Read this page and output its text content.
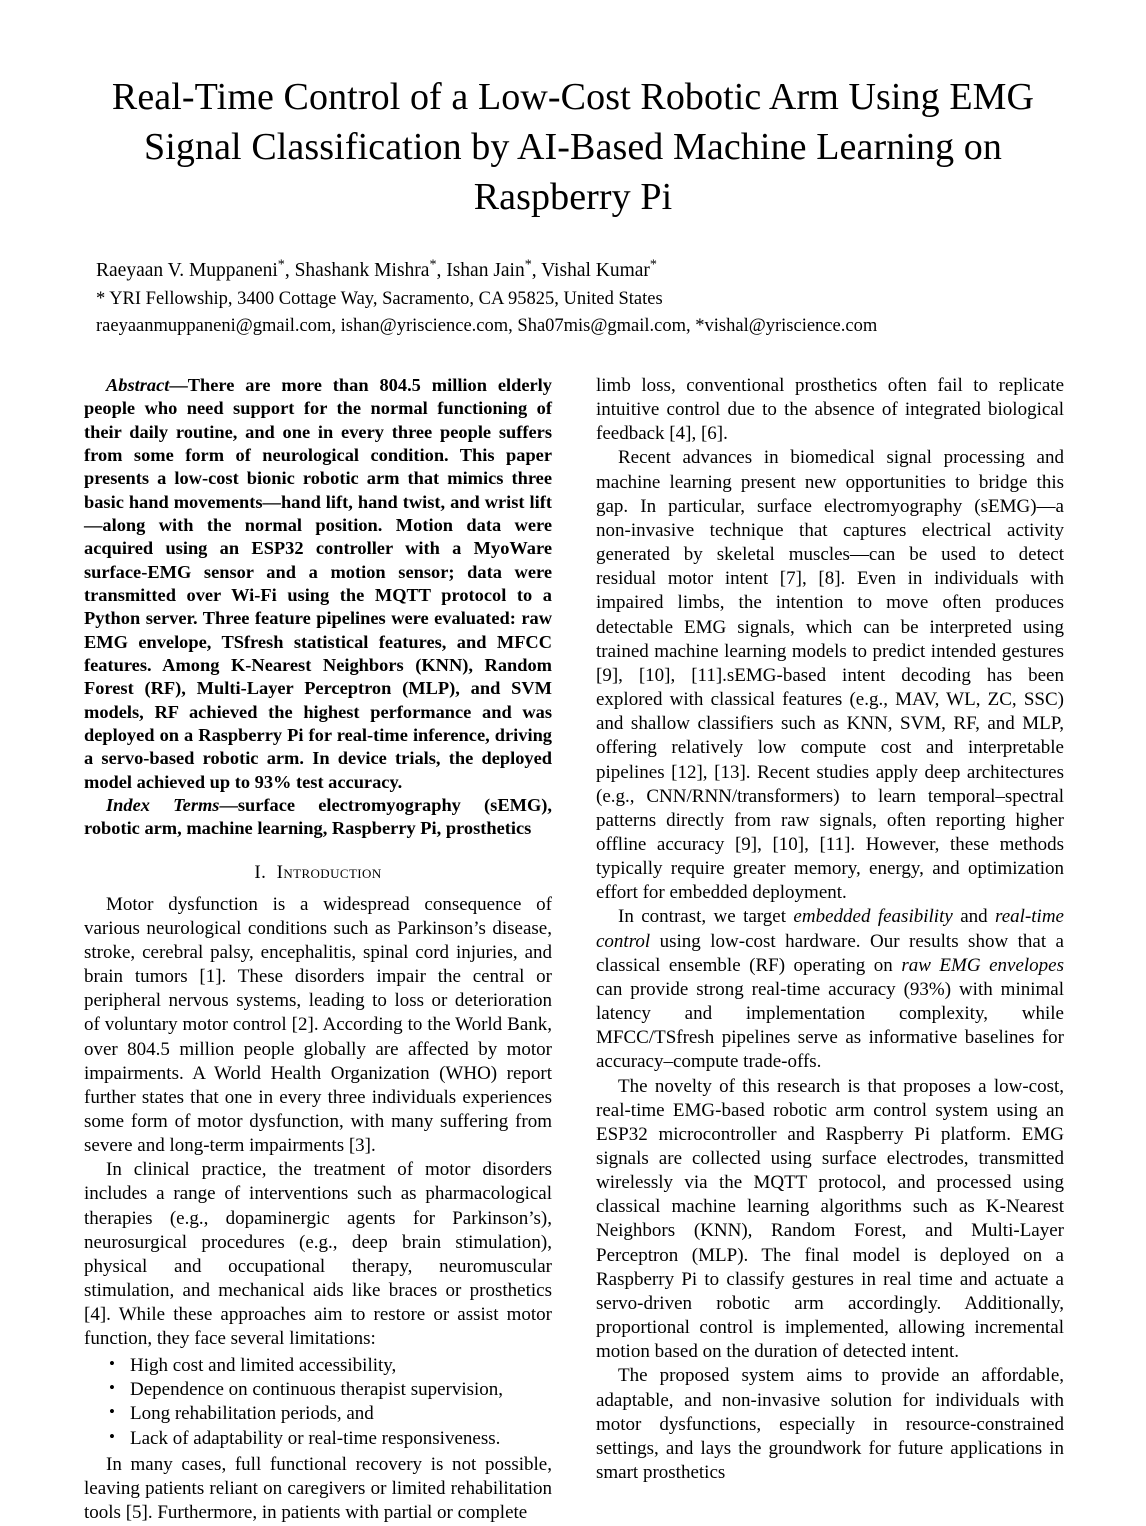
Real-Time Control of a Low-Cost Robotic Arm Using EMG Signal Classification by AI-Based Machine Learning on Raspberry Pi

Raeyaan V. Muppaneni*, Shashank Mishra*, Ishan Jain*, Vishal Kumar*

* YRI Fellowship, 3400 Cottage Way, Sacramento, CA 95825, United States

raeyaanmuppaneni@gmail.com, ishan@yriscience.com, Sha07mis@gmail.com, *vishal@yriscience.com

Abstract—There are more than 804.5 million elderly people who need support for the normal functioning of their daily routine, and one in every three people suffers from some form of neurological condition. This paper presents a low-cost bionic robotic arm that mimics three basic hand movements—hand lift, hand twist, and wrist lift—along with the normal position. Motion data were acquired using an ESP32 controller with a MyoWare surface-EMG sensor and a motion sensor; data were transmitted over Wi-Fi using the MQTT protocol to a Python server. Three feature pipelines were evaluated: raw EMG envelope, TSfresh statistical features, and MFCC features. Among K-Nearest Neighbors (KNN), Random Forest (RF), Multi-Layer Perceptron (MLP), and SVM models, RF achieved the highest performance and was deployed on a Raspberry Pi for real-time inference, driving a servo-based robotic arm. In device trials, the deployed model achieved up to 93% test accuracy.

Index Terms—surface electromyography (sEMG), robotic arm, machine learning, Raspberry Pi, prosthetics

I. Introduction

Motor dysfunction is a widespread consequence of various neurological conditions such as Parkinson’s disease, stroke, cerebral palsy, encephalitis, spinal cord injuries, and brain tumors [1]. These disorders impair the central or peripheral nervous systems, leading to loss or deterioration of voluntary motor control [2]. According to the World Bank, over 804.5 million people globally are affected by motor impairments. A World Health Organization (WHO) report further states that one in every three individuals experiences some form of motor dysfunction, with many suffering from severe and long-term impairments [3].

In clinical practice, the treatment of motor disorders includes a range of interventions such as pharmacological therapies (e.g., dopaminergic agents for Parkinson’s), neurosurgical procedures (e.g., deep brain stimulation), physical and occupational therapy, neuromuscular stimulation, and mechanical aids like braces or prosthetics [4]. While these approaches aim to restore or assist motor function, they face several limitations:

• High cost and limited accessibility,
• Dependence on continuous therapist supervision,
• Long rehabilitation periods, and
• Lack of adaptability or real-time responsiveness.

In many cases, full functional recovery is not possible, leaving patients reliant on caregivers or limited rehabilitation tools [5]. Furthermore, in patients with partial or complete

limb loss, conventional prosthetics often fail to replicate intuitive control due to the absence of integrated biological feedback [4], [6].

Recent advances in biomedical signal processing and machine learning present new opportunities to bridge this gap. In particular, surface electromyography (sEMG)—a non-invasive technique that captures electrical activity generated by skeletal muscles—can be used to detect residual motor intent [7], [8]. Even in individuals with impaired limbs, the intention to move often produces detectable EMG signals, which can be interpreted using trained machine learning models to predict intended gestures [9], [10], [11].sEMG-based intent decoding has been explored with classical features (e.g., MAV, WL, ZC, SSC) and shallow classifiers such as KNN, SVM, RF, and MLP, offering relatively low compute cost and interpretable pipelines [12], [13]. Recent studies apply deep architectures (e.g., CNN/RNN/transformers) to learn temporal–spectral patterns directly from raw signals, often reporting higher offline accuracy [9], [10], [11]. However, these methods typically require greater memory, energy, and optimization effort for embedded deployment.

In contrast, we target embedded feasibility and real-time control using low-cost hardware. Our results show that a classical ensemble (RF) operating on raw EMG envelopes can provide strong real-time accuracy (93%) with minimal latency and implementation complexity, while MFCC/TSfresh pipelines serve as informative baselines for accuracy–compute trade-offs.

The novelty of this research is that proposes a low-cost, real-time EMG-based robotic arm control system using an ESP32 microcontroller and Raspberry Pi platform. EMG signals are collected using surface electrodes, transmitted wirelessly via the MQTT protocol, and processed using classical machine learning algorithms such as K-Nearest Neighbors (KNN), Random Forest, and Multi-Layer Perceptron (MLP). The final model is deployed on a Raspberry Pi to classify gestures in real time and actuate a servo-driven robotic arm accordingly. Additionally, proportional control is implemented, allowing incremental motion based on the duration of detected intent.

The proposed system aims to provide an affordable, adaptable, and non-invasive solution for individuals with motor dysfunctions, especially in resource-constrained settings, and lays the groundwork for future applications in smart prosthetics
